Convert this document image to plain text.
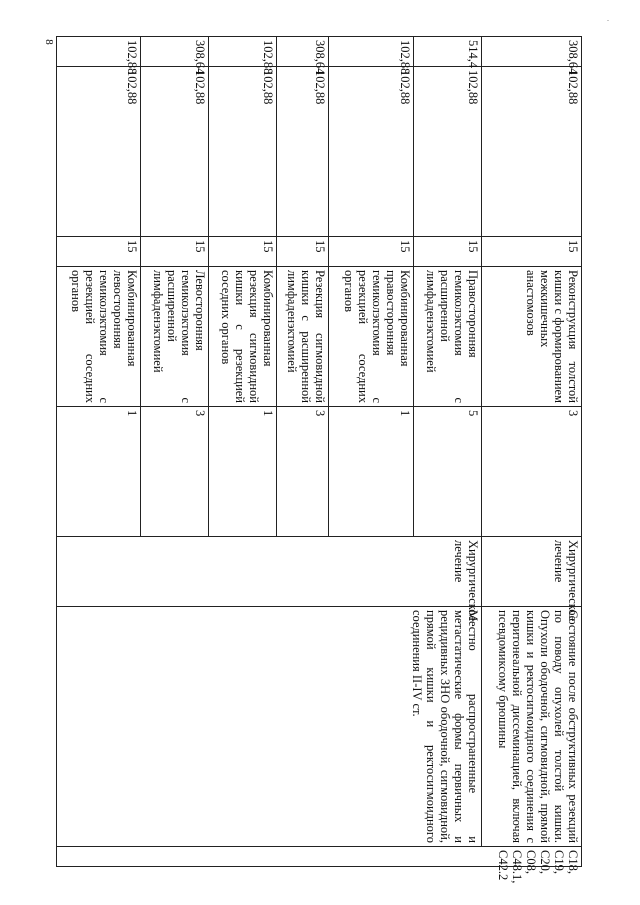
8
.
308,64	102,88	15	Реконструкция толстой кишки с формированием межкишечных анастомозов	3	Хирургическое лечение	Состояние после обструктивных резекций по поводу опухолей толстой кишки. Опухоли ободочной, сигмовидной, прямой кишки и ректосигмоидного соединения с перитонеальной диссеминацией, включая псевдомиксому брюшины	C18, C19, C20, C08, C48.1, C42.2
514,4	102,88	15	Правосторонняя гемиколэктомия с расширенной лимфаденэктомией	5	Хирургическое лечение	Местно распространенные и метастатические формы первичных и рецидивных ЗНО ободочной, сигмовидной, прямой кишки и ректосигмоидного соединения II-IV ст.	
102,88	102,88	15	Комбинированная правосторонняя гемиколэктомия с резекцией соседних органов	1			
308,64	102,88	15	Резекция сигмовидной кишки с расширенной лимфаденэктомией	3			
102,88	102,88	15	Комбинированная резекция сигмовидной кишки с резекцией соседних органов	1			
308,64	102,88	15	Левосторонняя гемиколэктомия с расширенной лимфаденэктомией	3			
102,88	102,88	15	Комбинированная левосторонняя гемиколэктомия с резекцией соседних органов	1			
